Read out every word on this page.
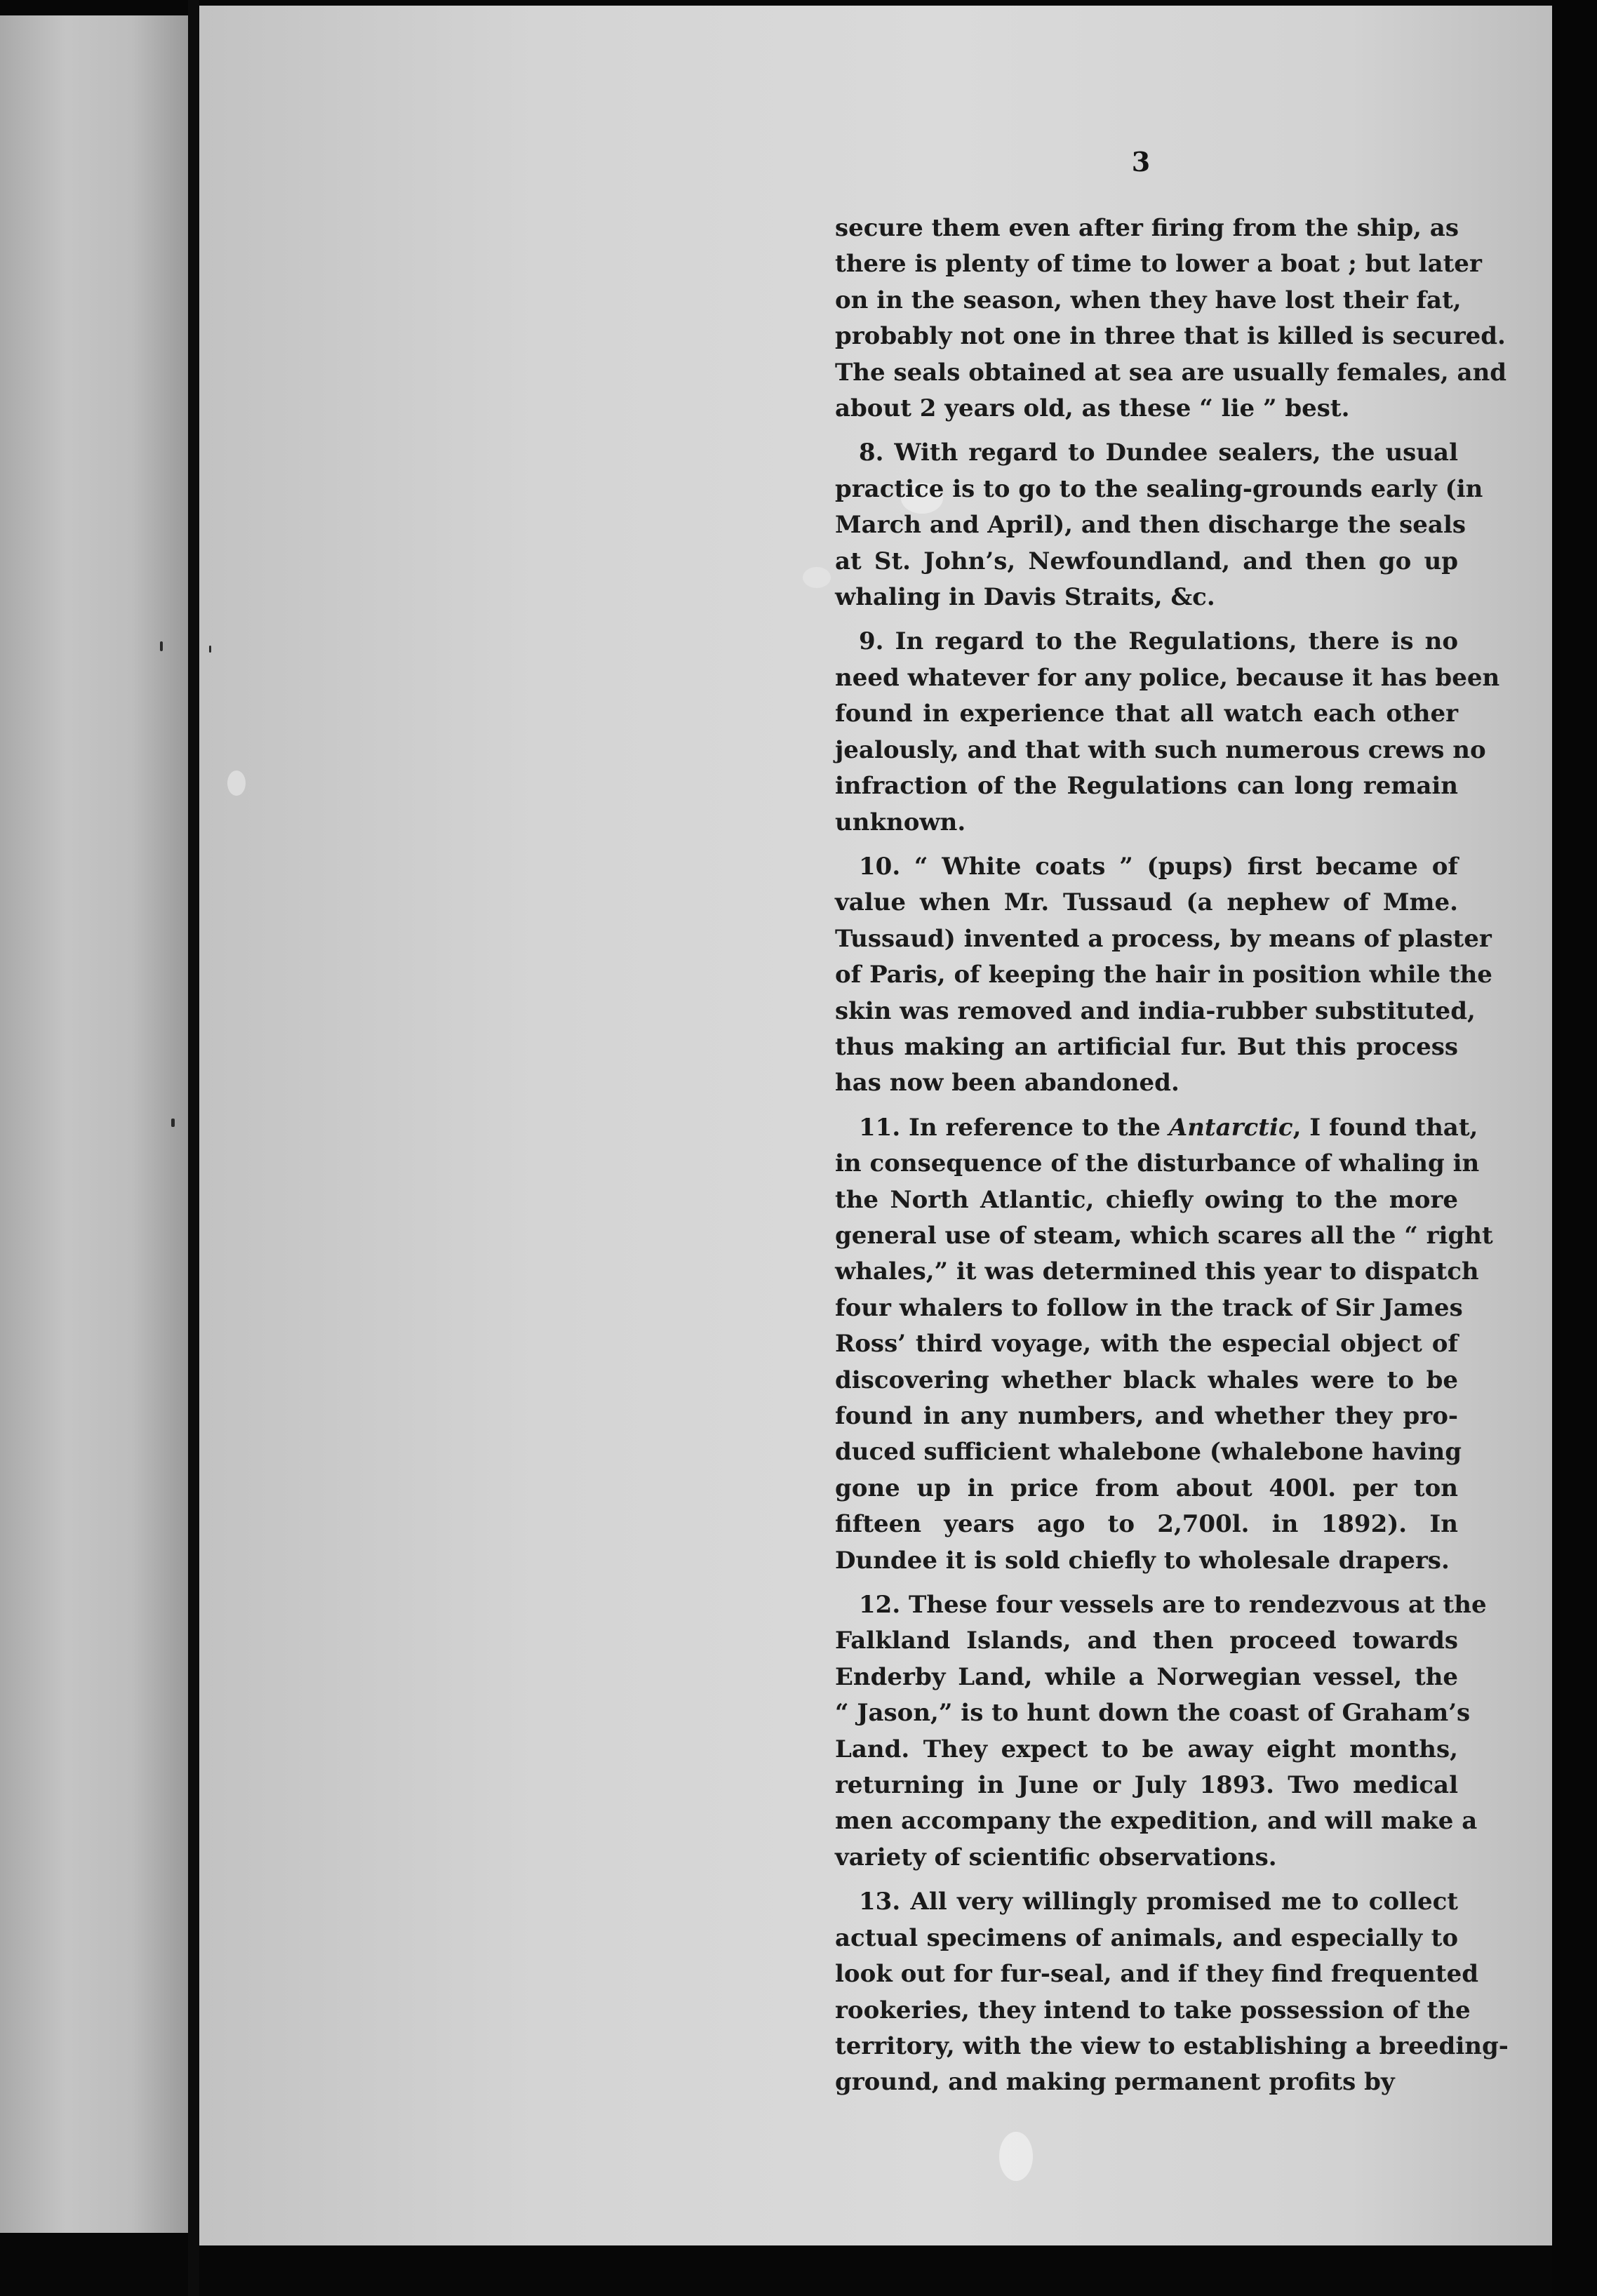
3

secure them even after firing from the ship, as
there is plenty of time to lower a boat ; but later
on in the season, when they have lost their fat,
probably not one in three that is killed is secured.
The seals obtained at sea are usually females, and
about 2 years old, as these “ lie ” best.
8. With regard to Dundee sealers, the usual
practice is to go to the sealing-grounds early (in
March and April), and then discharge the seals
at St. John’s, Newfoundland, and then go up
whaling in Davis Straits, &c.
9. In regard to the Regulations, there is no
need whatever for any police, because it has been
found in experience that all watch each other
jealously, and that with such numerous crews no
infraction of the Regulations can long remain
unknown.
10. “ White coats ” (pups) first became of
value when Mr. Tussaud (a nephew of Mme.
Tussaud) invented a process, by means of plaster
of Paris, of keeping the hair in position while the
skin was removed and india-rubber substituted,
thus making an artificial fur. But this process
has now been abandoned.
11. In reference to the Antarctic, I found that,
in consequence of the disturbance of whaling in
the North Atlantic, chiefly owing to the more
general use of steam, which scares all the “ right
whales,” it was determined this year to dispatch
four whalers to follow in the track of Sir James
Ross’ third voyage, with the especial object of
discovering whether black whales were to be
found in any numbers, and whether they pro-
duced sufficient whalebone (whalebone having
gone up in price from about 400l. per ton
fifteen years ago to 2,700l. in 1892). In
Dundee it is sold chiefly to wholesale drapers.
12. These four vessels are to rendezvous at the
Falkland Islands, and then proceed towards
Enderby Land, while a Norwegian vessel, the
“ Jason,” is to hunt down the coast of Graham’s
Land. They expect to be away eight months,
returning in June or July 1893. Two medical
men accompany the expedition, and will make a
variety of scientific observations.
13. All very willingly promised me to collect
actual specimens of animals, and especially to
look out for fur-seal, and if they find frequented
rookeries, they intend to take possession of the
territory, with the view to establishing a breeding-
ground, and making permanent profits by
